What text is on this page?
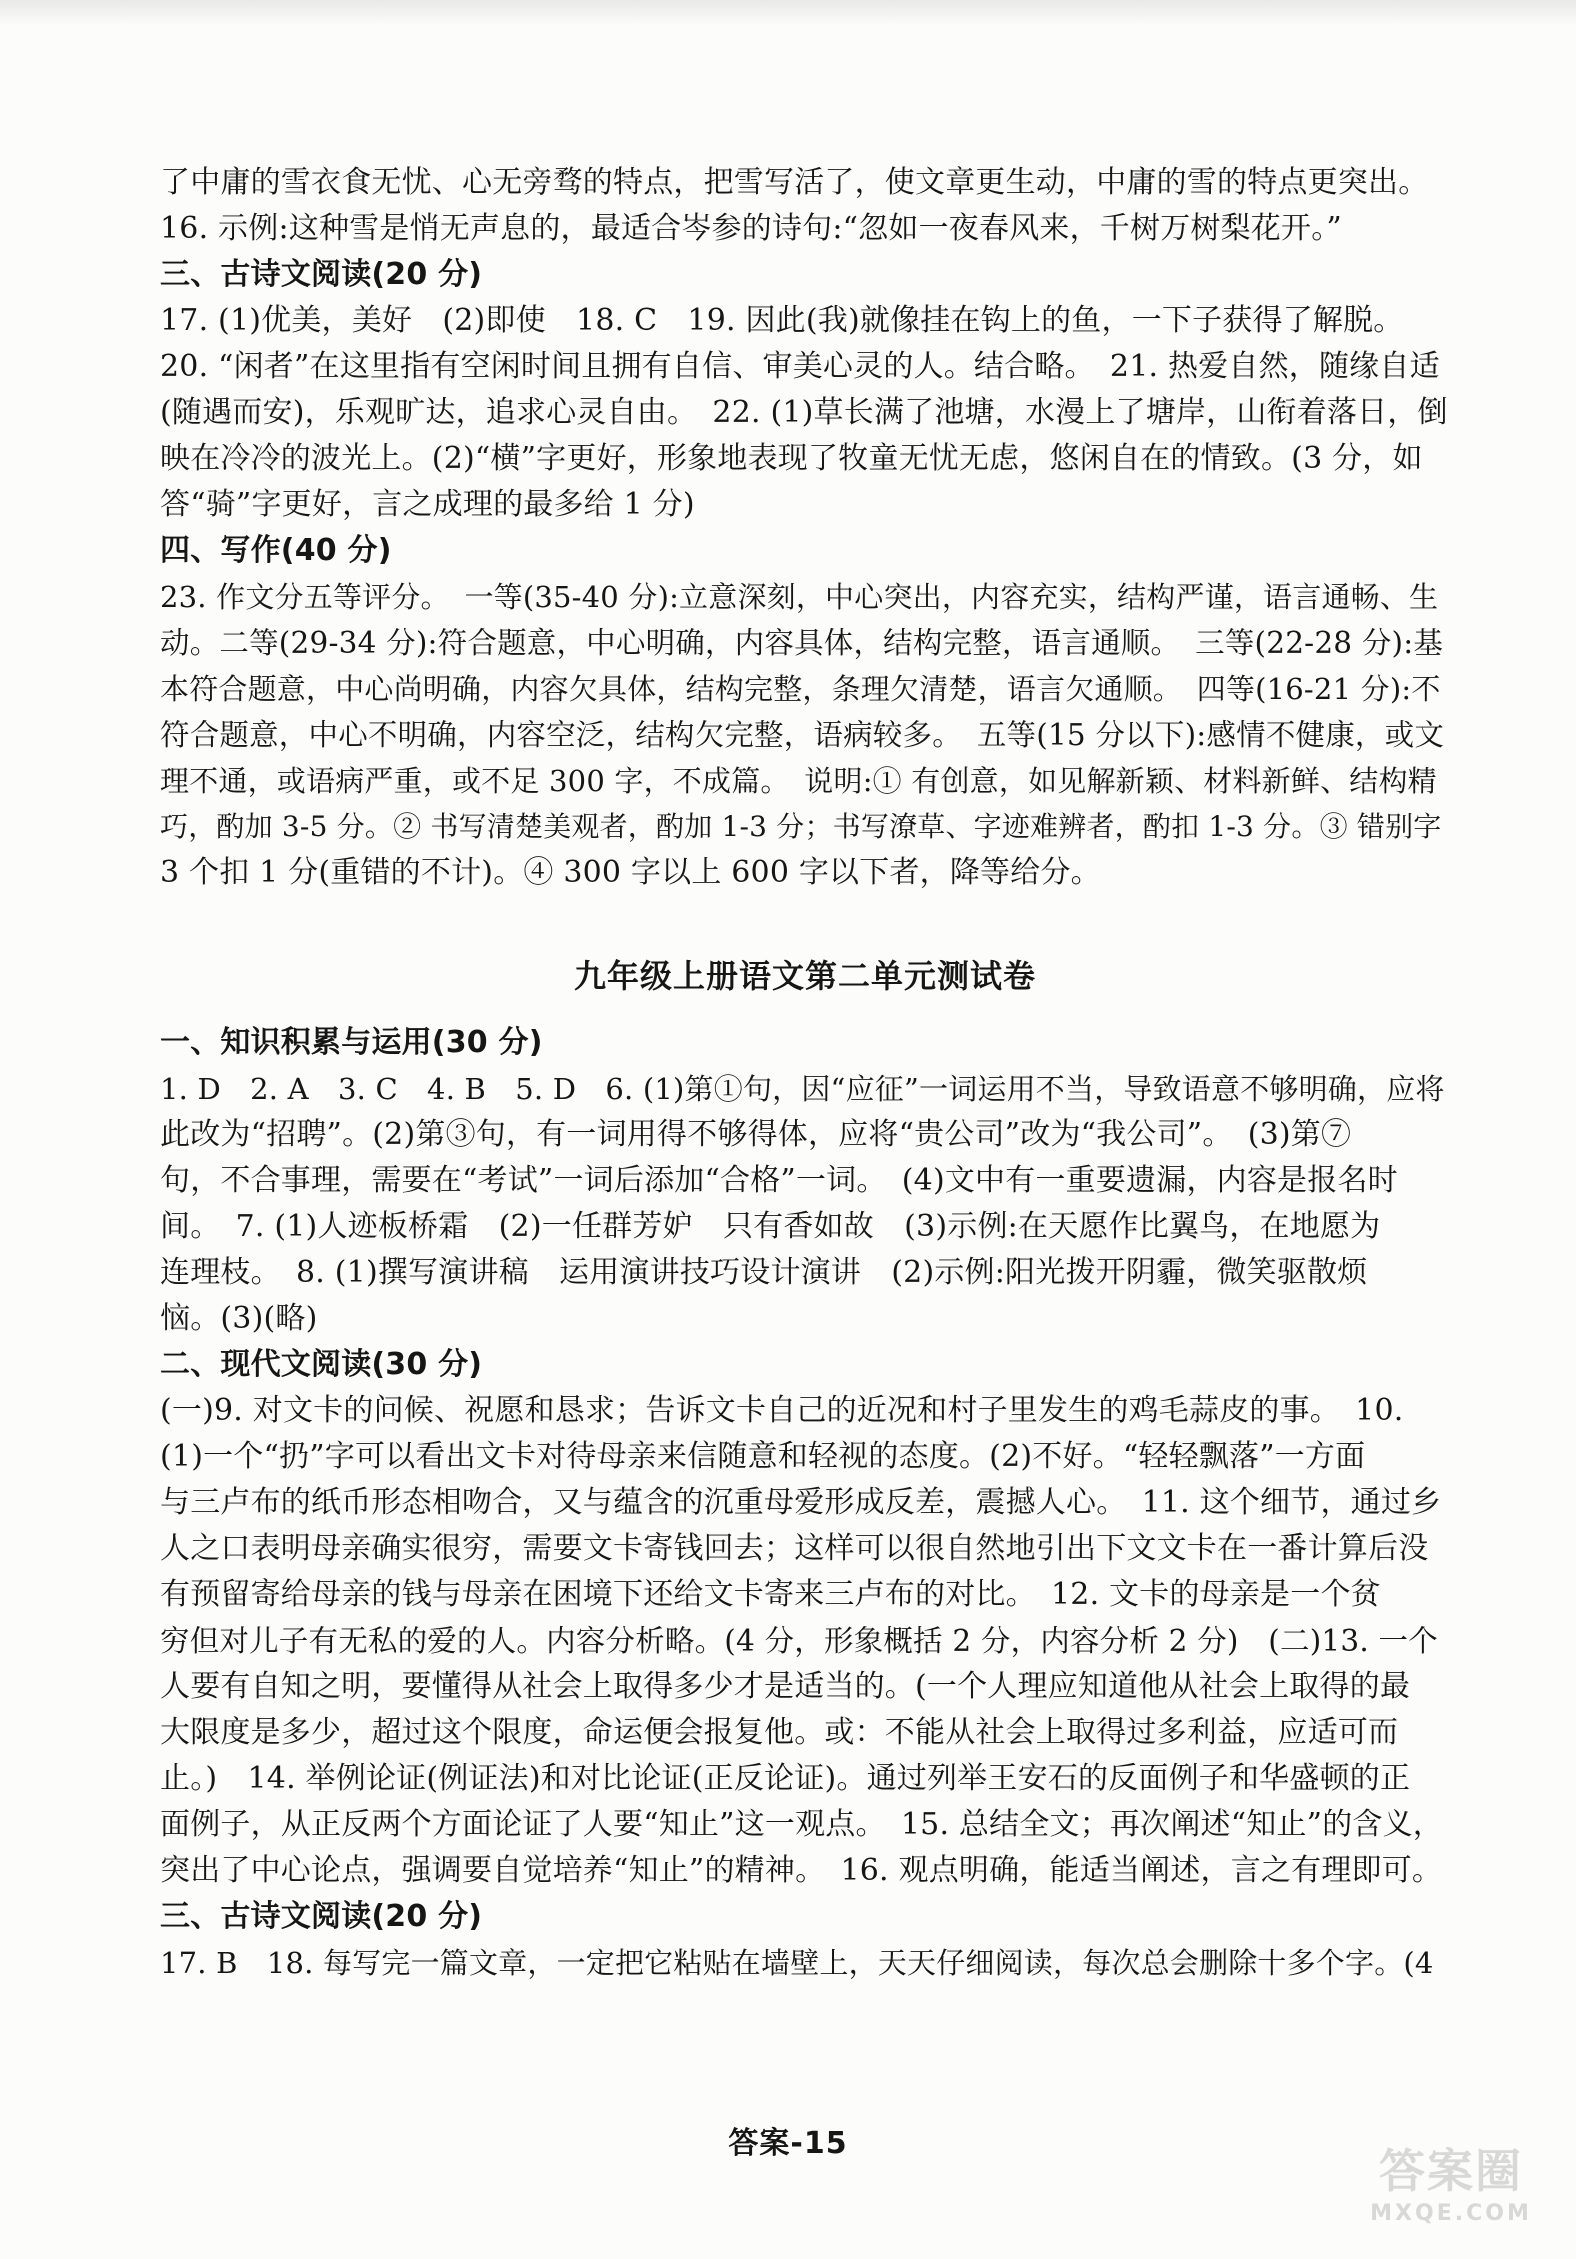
了中庸的雪衣食无忧、心无旁骛的特点，把雪写活了，使文章更生动，中庸的雪的特点更突出。

16. 示例:这种雪是悄无声息的，最适合岑参的诗句:“忽如一夜春风来，千树万树梨花开。”

三、古诗文阅读(20 分)

17. (1)优美，美好　(2)即使　18. C　19. 因此(我)就像挂在钩上的鱼，一下子获得了解脱。

20. “闲者”在这里指有空闲时间且拥有自信、审美心灵的人。结合略。　21. 热爱自然，随缘自适

(随遇而安)，乐观旷达，追求心灵自由。　22. (1)草长满了池塘，水漫上了塘岸，山衔着落日，倒

映在冷冷的波光上。(2)“横”字更好，形象地表现了牧童无忧无虑，悠闲自在的情致。(3 分，如

答“骑”字更好，言之成理的最多给 1 分)

四、写作(40 分)

23. 作文分五等评分。　一等(35-40 分):立意深刻，中心突出，内容充实，结构严谨，语言通畅、生

动。二等(29-34 分):符合题意，中心明确，内容具体，结构完整，语言通顺。　三等(22-28 分):基

本符合题意，中心尚明确，内容欠具体，结构完整，条理欠清楚，语言欠通顺。　四等(16-21 分):不

符合题意，中心不明确，内容空泛，结构欠完整，语病较多。　五等(15 分以下):感情不健康，或文

理不通，或语病严重，或不足 300 字，不成篇。　说明:① 有创意，如见解新颖、材料新鲜、结构精

巧，酌加 3-5 分。② 书写清楚美观者，酌加 1-3 分；书写潦草、字迹难辨者，酌扣 1-3 分。③ 错别字

3 个扣 1 分(重错的不计)。④ 300 字以上 600 字以下者，降等给分。

九年级上册语文第二单元测试卷

一、知识积累与运用(30 分)

1. D　2. A　3. C　4. B　5. D　6. (1)第①句，因“应征”一词运用不当，导致语意不够明确，应将

此改为“招聘”。(2)第③句，有一词用得不够得体，应将“贵公司”改为“我公司”。　(3)第⑦

句，不合事理，需要在“考试”一词后添加“合格”一词。　(4)文中有一重要遗漏，内容是报名时

间。　7. (1)人迹板桥霜　(2)一任群芳妒　只有香如故　(3)示例:在天愿作比翼鸟，在地愿为

连理枝。　8. (1)撰写演讲稿　运用演讲技巧设计演讲　(2)示例:阳光拨开阴霾，微笑驱散烦

恼。(3)(略)

二、现代文阅读(30 分)

(一)9. 对文卡的问候、祝愿和恳求；告诉文卡自己的近况和村子里发生的鸡毛蒜皮的事。　10.

(1)一个“扔”字可以看出文卡对待母亲来信随意和轻视的态度。(2)不好。“轻轻飘落”一方面

与三卢布的纸币形态相吻合，又与蕴含的沉重母爱形成反差，震撼人心。　11. 这个细节，通过乡

人之口表明母亲确实很穷，需要文卡寄钱回去；这样可以很自然地引出下文文卡在一番计算后没

有预留寄给母亲的钱与母亲在困境下还给文卡寄来三卢布的对比。　12. 文卡的母亲是一个贫

穷但对儿子有无私的爱的人。内容分析略。(4 分，形象概括 2 分，内容分析 2 分)　(二)13. 一个

人要有自知之明，要懂得从社会上取得多少才是适当的。(一个人理应知道他从社会上取得的最

大限度是多少，超过这个限度，命运便会报复他。或：不能从社会上取得过多利益，应适可而

止。)　14. 举例论证(例证法)和对比论证(正反论证)。通过列举王安石的反面例子和华盛顿的正

面例子，从正反两个方面论证了人要“知止”这一观点。　15. 总结全文；再次阐述“知止”的含义，

突出了中心论点，强调要自觉培养“知止”的精神。　16. 观点明确，能适当阐述，言之有理即可。

三、古诗文阅读(20 分)

17. B　18. 每写完一篇文章，一定把它粘贴在墙壁上，天天仔细阅读，每次总会删除十多个字。(4

答案-15
答案圈
MXQE.COM
